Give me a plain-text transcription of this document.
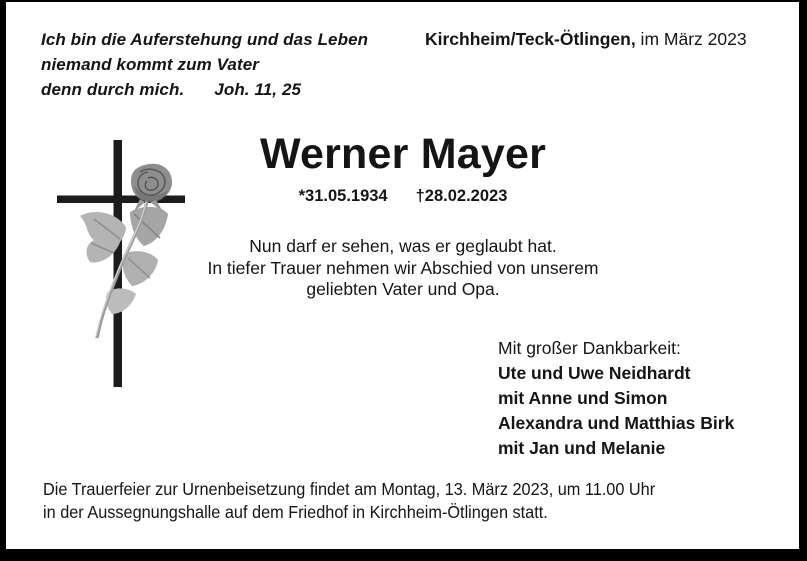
Ich bin die Auferstehung und das Leben
niemand kommt zum Vater
denn durch mich. Joh. 11, 25
Kirchheim/Teck-Ötlingen, im März 2023
Werner Mayer
*31.05.1934 †28.02.2023
Nun darf er sehen, was er geglaubt hat.
In tiefer Trauer nehmen wir Abschied von unserem
geliebten Vater und Opa.
Mit großer Dankbarkeit:
Ute und Uwe Neidhardt
mit Anne und Simon
Alexandra und Matthias Birk
mit Jan und Melanie
Die Trauerfeier zur Urnenbeisetzung findet am Montag, 13. März 2023, um 11.00 Uhr
in der Aussegnungshalle auf dem Friedhof in Kirchheim-Ötlingen statt.
